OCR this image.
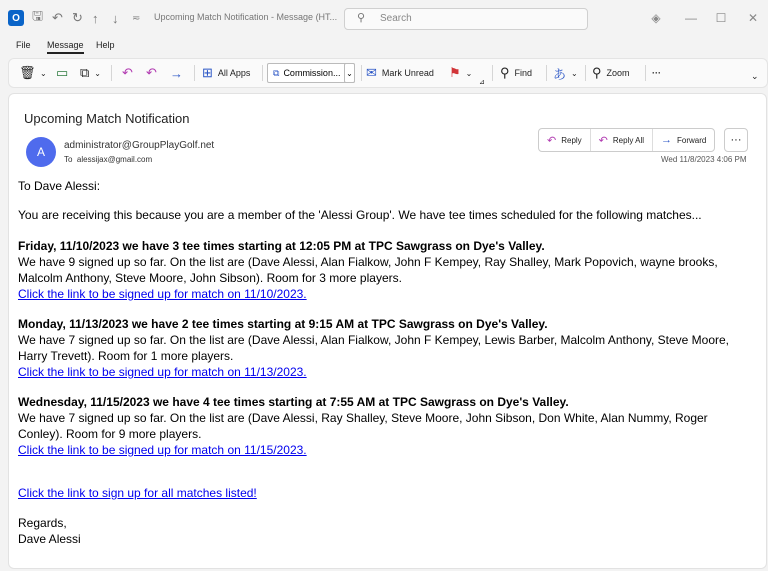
O 🖫 ↶ ↻ ↑ ↓ ≂ Upcoming Match Notification - Message (HT... ⚲ Search	◈	—	☐	✕
File Message Help
🗑 ⌄ ▭ ⧉ ⌄ ↶ ↶ → ⊞ All Apps	⧉ Commission... ⌄ ✉ Mark Unread ⚑ ⌄
⊿
⚲ Find あ ⌄ ⚲ Zoom ···	⌄
Upcoming Match Notification
A	administrator@GroupPlayGolf.net
To alessijax@gmail.com
↶ Reply ↶ Reply All → Forward	···
Wed 11/8/2023 4:06 PM

To Dave Alessi:

You are receiving this because you are a member of the 'Alessi Group'. We have tee times scheduled for the following matches...

Friday, 11/10/2023 we have 3 tee times starting at 12:05 PM at TPC Sawgrass on Dye's Valley.

We have 9 signed up so far. On the list are (Dave Alessi, Alan Fialkow, John F Kempey, Ray Shalley, Mark Popovich, wayne brooks, Malcolm Anthony, Steve Moore, John Sibson). Room for 3 more players.

Click the link to be signed up for match on 11/10/2023.

Monday, 11/13/2023 we have 2 tee times starting at 9:15 AM at TPC Sawgrass on Dye's Valley.

We have 7 signed up so far. On the list are (Dave Alessi, Alan Fialkow, John F Kempey, Lewis Barber, Malcolm Anthony, Steve Moore, Harry Trevett). Room for 1 more players.

Click the link to be signed up for match on 11/13/2023.

Wednesday, 11/15/2023 we have 4 tee times starting at 7:55 AM at TPC Sawgrass on Dye's Valley.

We have 7 signed up so far. On the list are (Dave Alessi, Ray Shalley, Steve Moore, John Sibson, Don White, Alan Nummy, Roger Conley). Room for 9 more players.

Click the link to be signed up for match on 11/15/2023.

Click the link to sign up for all matches listed!

Regards,

Dave Alessi
